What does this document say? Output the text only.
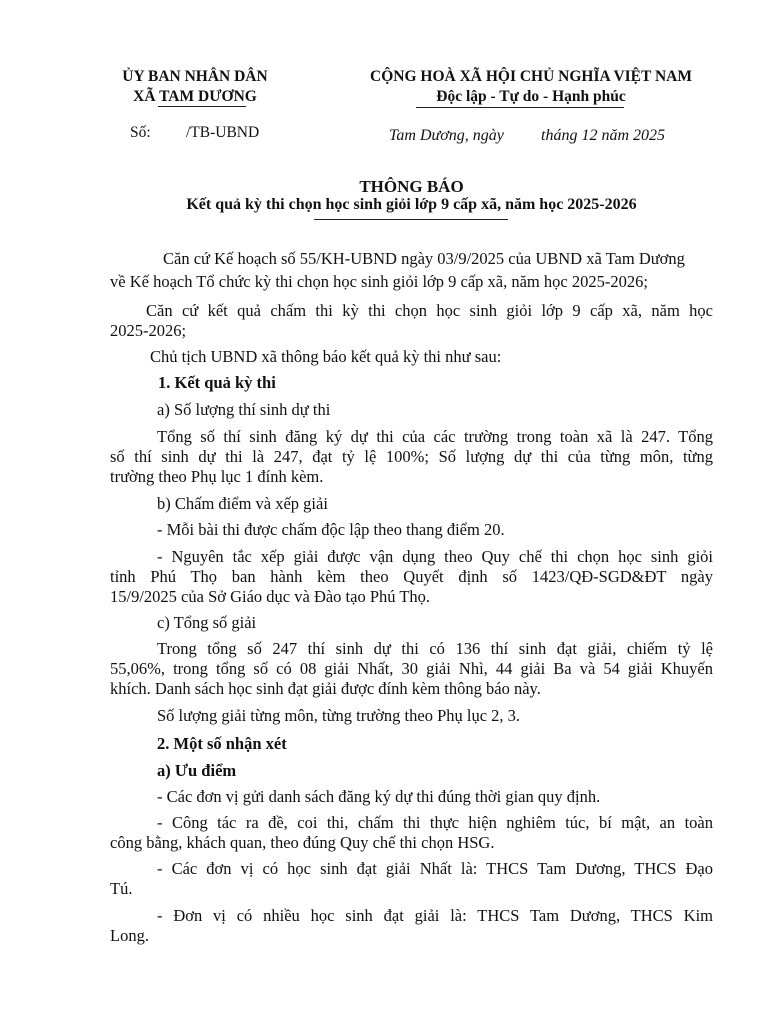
ỦY BAN NHÂN DÂN
XÃ TAM DƯƠNG
Số: /TB-UBND
CỘNG HOÀ XÃ HỘI CHỦ NGHĨA VIỆT NAM
Độc lập - Tự do - Hạnh phúc
Tam Dương, ngày tháng 12 năm 2025
THÔNG BÁO
Kết quả kỳ thi chọn học sinh giỏi lớp 9 cấp xã, năm học 2025-2026
Căn cứ Kế hoạch số 55/KH-UBND ngày 03/9/2025 của UBND xã Tam Dương
về Kế hoạch Tổ chức kỳ thi chọn học sinh giỏi lớp 9 cấp xã, năm học 2025-2026;
Căn cứ kết quả chấm thi kỳ thi chọn học sinh giỏi lớp 9 cấp xã, năm học
2025-2026;
Chủ tịch UBND xã thông báo kết quả kỳ thi như sau:
1. Kết quả kỳ thi
a) Số lượng thí sinh dự thi
Tổng số thí sinh đăng ký dự thi của các trường trong toàn xã là 247. Tổng
số thí sinh dự thi là 247, đạt tỷ lệ 100%; Số lượng dự thi của từng môn, từng
trường theo Phụ lục 1 đính kèm.
b) Chấm điểm và xếp giải
- Mỗi bài thi được chấm độc lập theo thang điểm 20.
- Nguyên tắc xếp giải được vận dụng theo Quy chế thi chọn học sinh giỏi
tỉnh Phú Thọ ban hành kèm theo Quyết định số 1423/QĐ-SGD&ĐT ngày
15/9/2025 của Sở Giáo dục và Đào tạo Phú Thọ.
c) Tổng số giải
Trong tổng số 247 thí sinh dự thi có 136 thí sinh đạt giải, chiếm tỷ lệ
55,06%, trong tổng số có 08 giải Nhất, 30 giải Nhì, 44 giải Ba và 54 giải Khuyến
khích. Danh sách học sinh đạt giải được đính kèm thông báo này.
Số lượng giải từng môn, từng trường theo Phụ lục 2, 3.
2. Một số nhận xét
a) Ưu điểm
- Các đơn vị gửi danh sách đăng ký dự thi đúng thời gian quy định.
- Công tác ra đề, coi thi, chấm thi thực hiện nghiêm túc, bí mật, an toàn
công bằng, khách quan, theo đúng Quy chế thi chọn HSG.
- Các đơn vị có học sinh đạt giải Nhất là: THCS Tam Dương, THCS Đạo
Tú.
- Đơn vị có nhiều học sinh đạt giải là: THCS Tam Dương, THCS Kim
Long.
